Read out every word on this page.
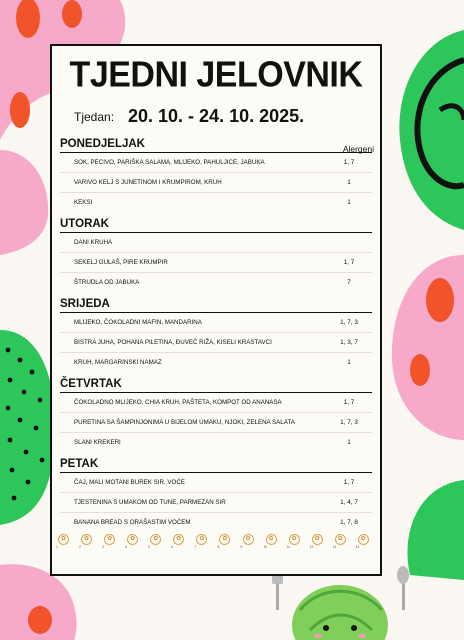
TJEDNI JELOVNIK
Tjedan: 20. 10. - 24. 10. 2025.
Alergeni
PONEDJELJAK
SOK, PECIVO, PARIŠKA SALAMA, MLIJEKO, PAHULJICE, JABUKA	1, 7
VARIVO KELJ S JUNETINOM I KRUMPIROM, KRUH	1
KEKSI	1
UTORAK
DANI KRUHA
SEKELJ GULAŠ, PIRE KRUMPIR	1, 7
ŠTRUDLA OD JABUKA	7
SRIJEDA
MLIJEKO, ČOKOLADNI MAFIN, MANDARINA	1, 7, 3
BISTRA JUHA, POHANA PILETINA, ĐUVEČ RIŽA, KISELI KRASTAVCI	1, 3, 7
KRUH, MARGARINSKI NAMAZ	1
ČETVRTAK
ČOKOLADNO MLIJEKO, CHIA KRUH, PAŠTETA, KOMPOT OD ANANASA	1, 7
PURETINA SA ŠAMPINJONIMA U BIJELOM UMAKU, NJOKI, ZELENA SALATA	1, 7, 3
SLANI KREKERI	1
PETAK
ČAJ, MALI MOTANI BUREK SIR, VOĆE	1, 7
TJESTENINA S UMAKOM OD TUNE, PARMEZAN SIR	1, 4, 7
BANANA BREAD S ORAŠASTIM VOĆEM	1, 7, 8
✿
1
✿
2
✿
3
✿
4
✿
5
✿
6
✿
7
✿
8
✿
9
✿
10
✿
11
✿
12
✿
13
✿
14
